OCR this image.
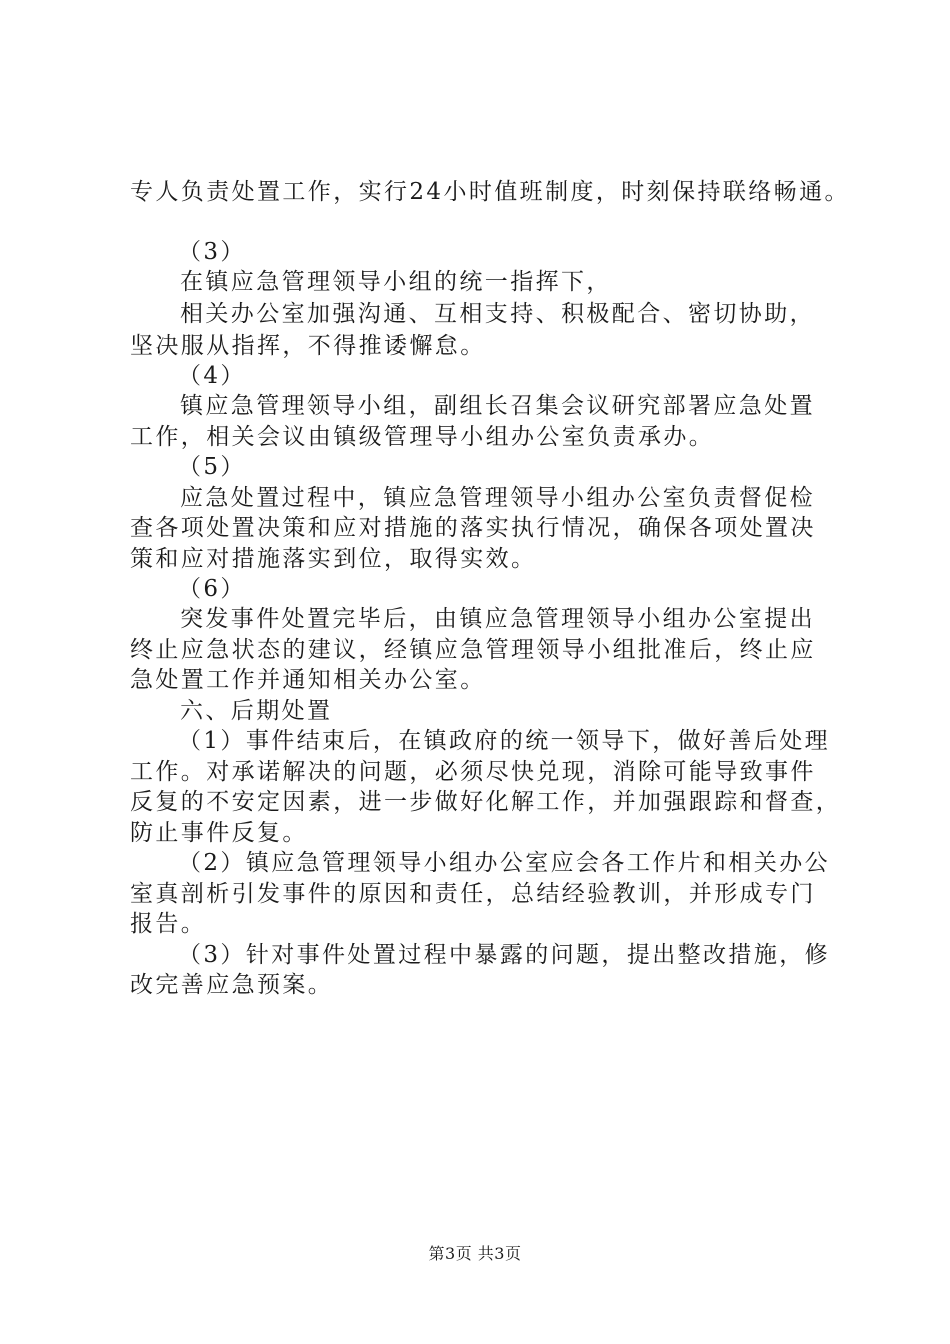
专人负责处置工作，实行24小时值班制度，时刻保持联络畅通。
（3）
在镇应急管理领导小组的统一指挥下，
相关办公室加强沟通、互相支持、积极配合、密切协助，
坚决服从指挥，不得推诿懈怠。
（4）
镇应急管理领导小组，副组长召集会议研究部署应急处置
工作，相关会议由镇级管理导小组办公室负责承办。
（5）
应急处置过程中，镇应急管理领导小组办公室负责督促检
查各项处置决策和应对措施的落实执行情况，确保各项处置决
策和应对措施落实到位，取得实效。
（6）
突发事件处置完毕后，由镇应急管理领导小组办公室提出
终止应急状态的建议，经镇应急管理领导小组批准后，终止应
急处置工作并通知相关办公室。
六、后期处置
（1）事件结束后，在镇政府的统一领导下，做好善后处理
工作。对承诺解决的问题，必须尽快兑现，消除可能导致事件
反复的不安定因素，进一步做好化解工作，并加强跟踪和督查，
防止事件反复。
（2）镇应急管理领导小组办公室应会各工作片和相关办公
室真剖析引发事件的原因和责任，总结经验教训，并形成专门
报告。
（3）针对事件处置过程中暴露的问题，提出整改措施，修
改完善应急预案。
第3页 共3页
